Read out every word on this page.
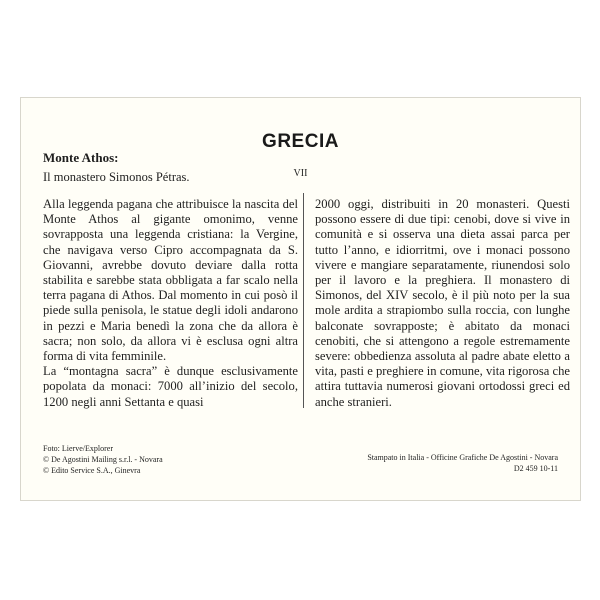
GRECIA
Monte Athos:
Il monastero Simonos Pétras.	VII

Alla leggenda pagana che attribuisce la nascita del Monte Athos al gigante omonimo, venne sovrapposta una leggenda cristiana: la Vergine, che navigava verso Cipro accompagnata da S. Giovanni, avrebbe dovuto deviare dalla rotta stabilita e sarebbe stata obbligata a far scalo nella terra pagana di Athos. Dal momento in cui posò il piede sulla penisola, le statue degli idoli andarono in pezzi e Maria benedì la zona che da allora è sacra; non solo, da allora vi è esclusa ogni altra forma di vita femminile.

La “montagna sacra” è dunque esclusivamente popolata da monaci: 7000 all’inizio del secolo, 1200 negli anni Settanta e quasi

2000 oggi, distribuiti in 20 monasteri. Questi possono essere di due tipi: cenobi, dove si vive in comunità e si osserva una dieta assai parca per tutto l’anno, e idiorritmi, ove i monaci possono vivere e mangiare separatamente, riunendosi solo per il lavoro e la preghiera. Il monastero di Simonos, del XIV secolo, è il più noto per la sua mole ardita a strapiombo sulla roccia, con lunghe balconate sovrapposte; è abitato da monaci cenobiti, che si attengono a regole estremamente severe: obbedienza assoluta al padre abate eletto a vita, pasti e preghiere in comune, vita rigorosa che attira tuttavia numerosi giovani ortodossi greci ed anche stranieri.

Foto: Lierve/Explorer
© De Agostini Mailing s.r.l. - Novara
© Edito Service S.A., Ginevra
Stampato in Italia - Officine Grafiche De Agostini - Novara
D2 459 10-11
